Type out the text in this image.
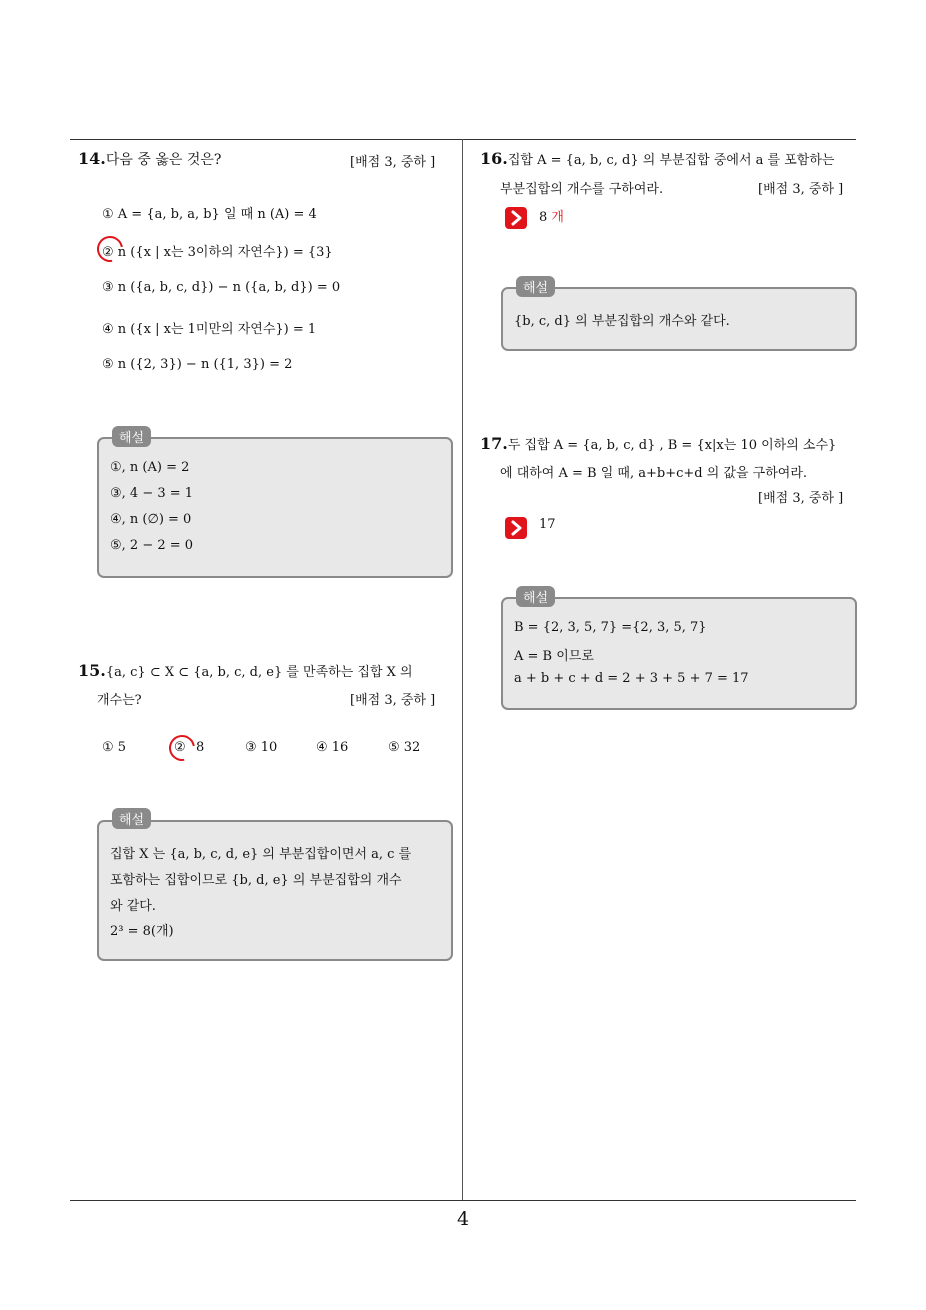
4
14.다음 중 옳은 것은?	[배점 3, 중하 ]
① A = {a, b, a, b} 일 때 n (A) = 4
② n ({x | x는 3이하의 자연수}) = {3}
③ n ({a, b, c, d}) − n ({a, b, d}) = 0
④ n ({x | x는 1미만의 자연수}) = 1
⑤ n ({2, 3}) − n ({1, 3}) = 2
해설
①, n (A) = 2
③, 4 − 3 = 1
④, n (∅) = 0
⑤, 2 − 2 = 0
15.{a, c} ⊂ X ⊂ {a, b, c, d, e} 를 만족하는 집합 X 의
개수는?	[배점 3, 중하 ]
① 5	② 8	③ 10	④ 16	⑤ 32
해설
집합 X 는 {a, b, c, d, e} 의 부분집합이면서 a, c 를
포함하는 집합이므로 {b, d, e} 의 부분집합의 개수
와 같다.
2³ = 8(개)
16.집합 A = {a, b, c, d} 의 부분집합 중에서 a 를 포함하는
부분집합의 개수를 구하여라.	[배점 3, 중하 ]
8 개
해설
{b, c, d} 의 부분집합의 개수와 같다.
17.두 집합 A = {a, b, c, d} , B = {x|x는 10 이하의 소수}
에 대하여 A = B 일 때, a+b+c+d 의 값을 구하여라.
[배점 3, 중하 ]
17
해설
B = {2, 3, 5, 7} ={2, 3, 5, 7}
A = B 이므로
a + b + c + d = 2 + 3 + 5 + 7 = 17
